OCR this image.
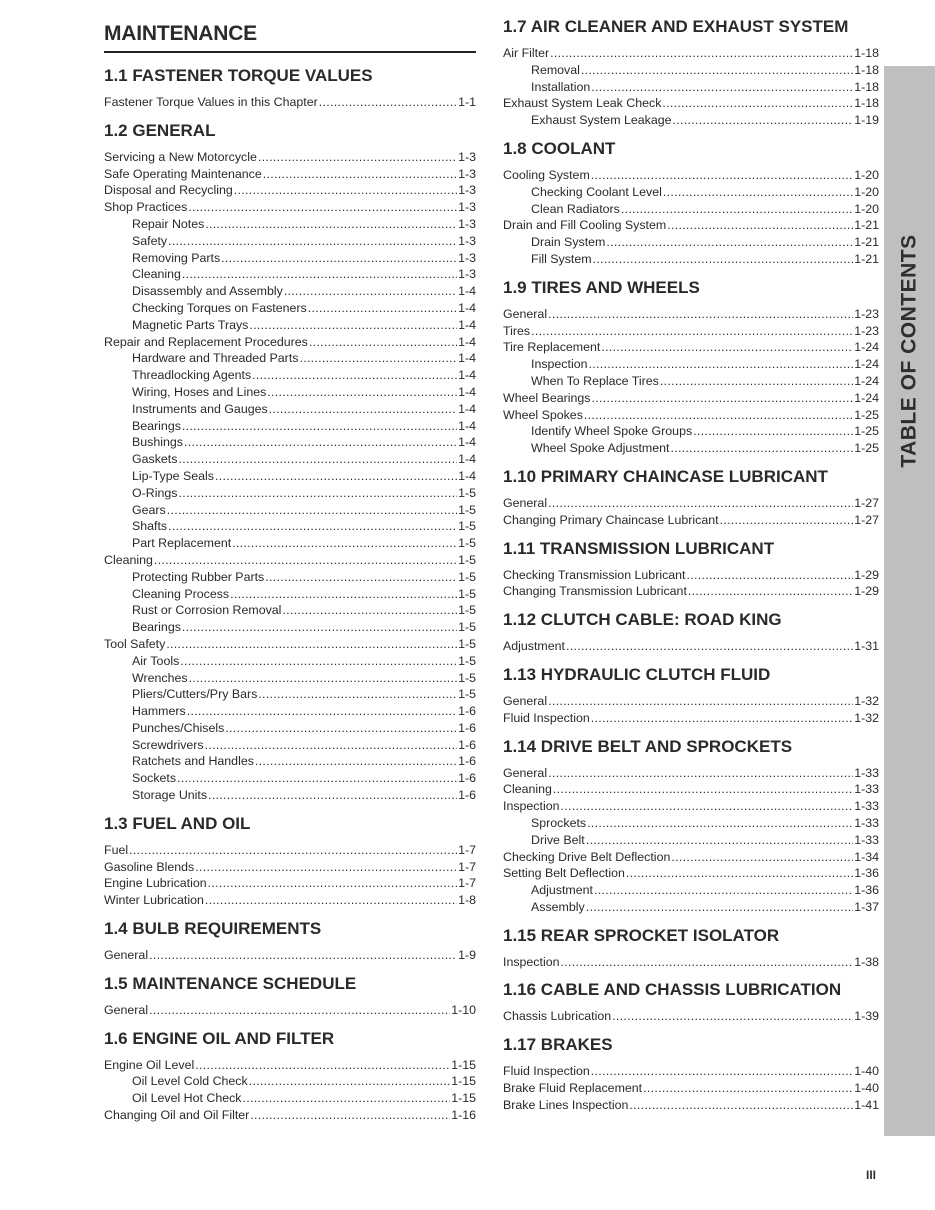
TABLE OF CONTENTS
MAINTENANCE
1.1 FASTENER TORQUE VALUES
Fastener Torque Values in this Chapter .....	1-1
1.2 GENERAL
Servicing a New Motorcycle .....	1-3
Safe Operating Maintenance .....	1-3
Disposal and Recycling .....	1-3
Shop Practices .....	1-3
Repair Notes .....	1-3
Safety .....	1-3
Removing Parts .....	1-3
Cleaning .....	1-3
Disassembly and Assembly .....	1-4
Checking Torques on Fasteners .....	1-4
Magnetic Parts Trays .....	1-4
Repair and Replacement Procedures .....	1-4
Hardware and Threaded Parts .....	1-4
Threadlocking Agents .....	1-4
Wiring, Hoses and Lines .....	1-4
Instruments and Gauges .....	1-4
Bearings .....	1-4
Bushings .....	1-4
Gaskets .....	1-4
Lip-Type Seals .....	1-4
O-Rings .....	1-5
Gears .....	1-5
Shafts .....	1-5
Part Replacement .....	1-5
Cleaning .....	1-5
Protecting Rubber Parts .....	1-5
Cleaning Process .....	1-5
Rust or Corrosion Removal .....	1-5
Bearings .....	1-5
Tool Safety .....	1-5
Air Tools .....	1-5
Wrenches .....	1-5
Pliers/Cutters/Pry Bars .....	1-5
Hammers .....	1-6
Punches/Chisels .....	1-6
Screwdrivers .....	1-6
Ratchets and Handles .....	1-6
Sockets .....	1-6
Storage Units .....	1-6
1.3 FUEL AND OIL
Fuel .....	1-7
Gasoline Blends .....	1-7
Engine Lubrication .....	1-7
Winter Lubrication .....	1-8
1.4 BULB REQUIREMENTS
General .....	1-9
1.5 MAINTENANCE SCHEDULE
General .....	1-10
1.6 ENGINE OIL AND FILTER
Engine Oil Level .....	1-15
Oil Level Cold Check .....	1-15
Oil Level Hot Check .....	1-15
Changing Oil and Oil Filter .....	1-16
1.7 AIR CLEANER AND EXHAUST SYSTEM
Air Filter .....	1-18
Removal .....	1-18
Installation .....	1-18
Exhaust System Leak Check .....	1-18
Exhaust System Leakage .....	1-19
1.8 COOLANT
Cooling System .....	1-20
Checking Coolant Level .....	1-20
Clean Radiators .....	1-20
Drain and Fill Cooling System .....	1-21
Drain System .....	1-21
Fill System .....	1-21
1.9 TIRES AND WHEELS
General .....	1-23
Tires .....	1-23
Tire Replacement .....	1-24
Inspection .....	1-24
When To Replace Tires .....	1-24
Wheel Bearings .....	1-24
Wheel Spokes .....	1-25
Identify Wheel Spoke Groups .....	1-25
Wheel Spoke Adjustment .....	1-25
1.10 PRIMARY CHAINCASE LUBRICANT
General .....	1-27
Changing Primary Chaincase Lubricant .....	1-27
1.11 TRANSMISSION LUBRICANT
Checking Transmission Lubricant .....	1-29
Changing Transmission Lubricant .....	1-29
1.12 CLUTCH CABLE: ROAD KING
Adjustment .....	1-31
1.13 HYDRAULIC CLUTCH FLUID
General .....	1-32
Fluid Inspection .....	1-32
1.14 DRIVE BELT AND SPROCKETS
General .....	1-33
Cleaning .....	1-33
Inspection .....	1-33
Sprockets .....	1-33
Drive Belt .....	1-33
Checking Drive Belt Deflection .....	1-34
Setting Belt Deflection .....	1-36
Adjustment .....	1-36
Assembly .....	1-37
1.15 REAR SPROCKET ISOLATOR
Inspection .....	1-38
1.16 CABLE AND CHASSIS LUBRICATION
Chassis Lubrication .....	1-39
1.17 BRAKES
Fluid Inspection .....	1-40
Brake Fluid Replacement .....	1-40
Brake Lines Inspection .....	1-41
III
